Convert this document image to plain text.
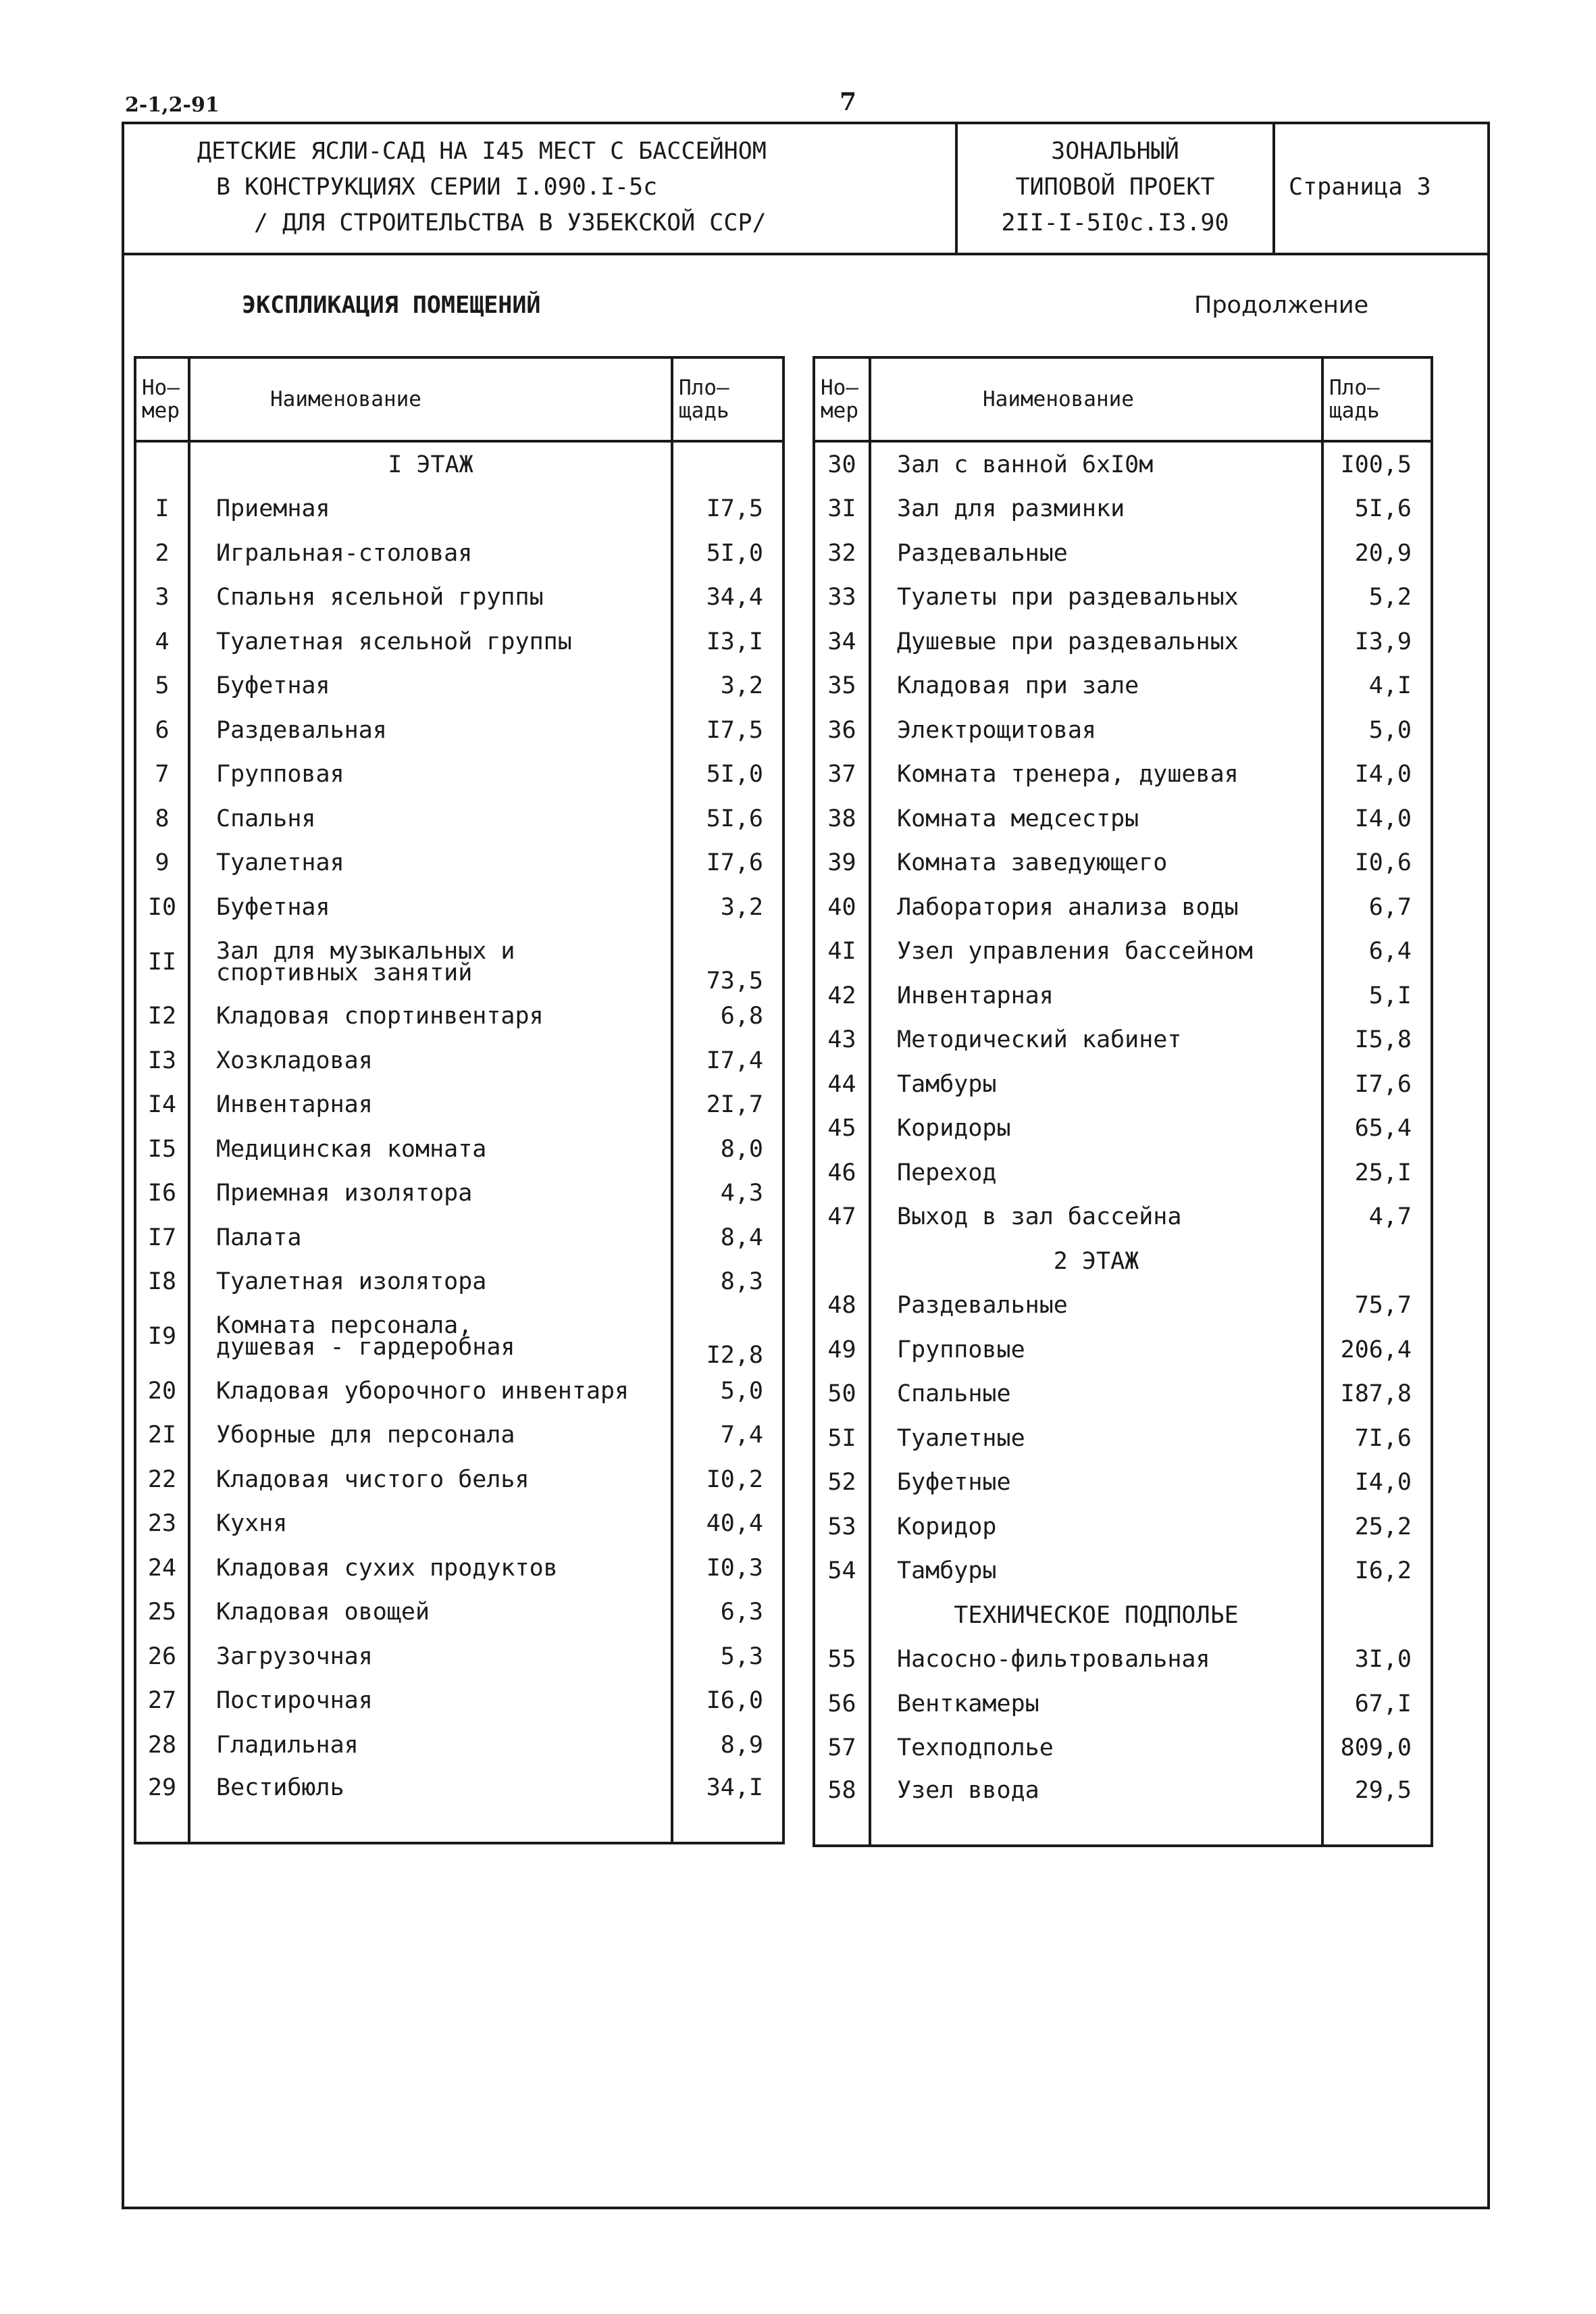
2-1,2-91	7
ДЕТСКИЕ ЯСЛИ-САД НА I45 МЕСТ С БАССЕЙНОМ
В КОНСТРУКЦИЯХ СЕРИИ I.090.I-5с
/ ДЛЯ СТРОИТЕЛЬСТВА В УЗБЕКСКОЙ ССР/
ЗОНАЛЬНЫЙ
ТИПОВОЙ ПРОЕКТ
2II-I-5I0с.I3.90
Страница 3
ЭКСПЛИКАЦИЯ ПОМЕЩЕНИЙ	Продолжение
Но–
мер	Наименование	Пло–
щадь
	I ЭТАЖ	
I	Приемная	I7,5
2	Игральная-столовая	5I,0
3	Спальня ясельной группы	34,4
4	Туалетная ясельной группы	I3,I
5	Буфетная	3,2
6	Раздевальная	I7,5
7	Групповая	5I,0
8	Спальня	5I,6
9	Туалетная	I7,6
I0	Буфетная	3,2
II	Зал для музыкальных и
спортивных занятий	73,5
I2	Кладовая спортинвентаря	6,8
I3	Хозкладовая	I7,4
I4	Инвентарная	2I,7
I5	Медицинская комната	8,0
I6	Приемная изолятора	4,3
I7	Палата	8,4
I8	Туалетная изолятора	8,3
I9	Комната персонала,
душевая - гардеробная	I2,8
20	Кладовая уборочного инвентаря	5,0
2I	Уборные для персонала	7,4
22	Кладовая чистого белья	I0,2
23	Кухня	40,4
24	Кладовая сухих продуктов	I0,3
25	Кладовая овощей	6,3
26	Загрузочная	5,3
27	Постирочная	I6,0
28	Гладильная	8,9
29	Вестибюль	34,I
Но–
мер	Наименование	Пло–
щадь
30	Зал с ванной 6хI0м	I00,5
3I	Зал для разминки	5I,6
32	Раздевальные	20,9
33	Туалеты при раздевальных	5,2
34	Душевые при раздевальных	I3,9
35	Кладовая при зале	4,I
36	Электрощитовая	5,0
37	Комната тренера, душевая	I4,0
38	Комната медсестры	I4,0
39	Комната заведующего	I0,6
40	Лаборатория анализа воды	6,7
4I	Узел управления бассейном	6,4
42	Инвентарная	5,I
43	Методический кабинет	I5,8
44	Тамбуры	I7,6
45	Коридоры	65,4
46	Переход	25,I
47	Выход в зал бассейна	4,7
	2 ЭТАЖ	
48	Раздевальные	75,7
49	Групповые	206,4
50	Спальные	I87,8
5I	Туалетные	7I,6
52	Буфетные	I4,0
53	Коридор	25,2
54	Тамбуры	I6,2
	ТЕХНИЧЕСКОЕ ПОДПОЛЬЕ	
55	Насосно-фильтровальная	3I,0
56	Венткамеры	67,I
57	Техподполье	809,0
58	Узел ввода	29,5
